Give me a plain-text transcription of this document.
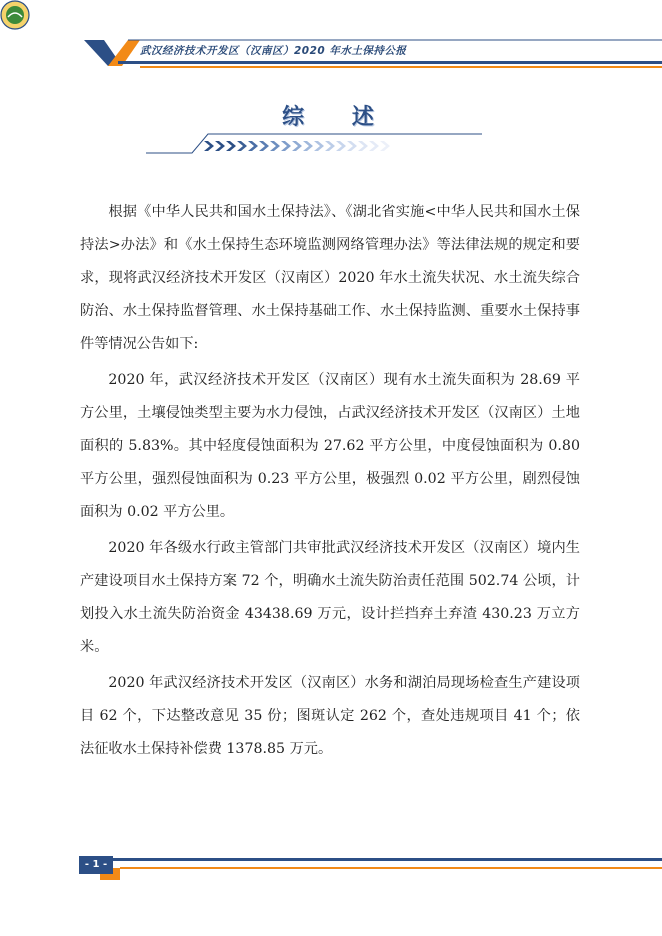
武汉经济技术开发区（汉南区）2020 年水土保持公报
综 述

根据《中华人民共和国水土保持法》、《湖北省实施<中华人民共和国水土保持法>办法》和《水土保持生态环境监测网络管理办法》等法律法规的规定和要求，现将武汉经济技术开发区（汉南区）2020 年水土流失状况、水土流失综合防治、水土保持监督管理、水土保持基础工作、水土保持监测、重要水土保持事件等情况公告如下:

2020 年，武汉经济技术开发区（汉南区）现有水土流失面积为 28.69 平方公里，土壤侵蚀类型主要为水力侵蚀，占武汉经济技术开发区（汉南区）土地面积的 5.83%。其中轻度侵蚀面积为 27.62 平方公里，中度侵蚀面积为 0.80 平方公里，强烈侵蚀面积为 0.23 平方公里，极强烈 0.02 平方公里，剧烈侵蚀面积为 0.02 平方公里。

2020 年各级水行政主管部门共审批武汉经济技术开发区（汉南区）境内生产建设项目水土保持方案 72 个，明确水土流失防治责任范围 502.74 公顷，计划投入水土流失防治资金 43438.69 万元，设计拦挡弃土弃渣 430.23 万立方米。

2020 年武汉经济技术开发区（汉南区）水务和湖泊局现场检查生产建设项目 62 个，下达整改意见 35 份；图斑认定 262 个，查处违规项目 41 个；依法征收水土保持补偿费 1378.85 万元。

- 1 -
